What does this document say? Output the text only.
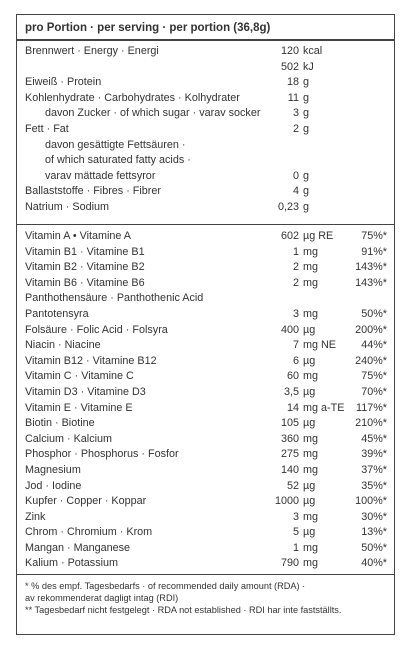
pro Portion · per serving · per portion (36,8g)
Brennwert · Energy · Energi	120 kcal
502 kJ
Eiweiß · Protein	18 g
Kohlenhydrate · Carbohydrates · Kolhydrater	11 g
davon Zucker · of which sugar · varav socker	3 g
Fett · Fat	2 g
davon gesättigte Fettsäuren ·
of which saturated fatty acids ·
varav mättade fettsyror	0 g
Ballaststoffe · Fibres · Fibrer	4 g
Natrium · Sodium	0,23 g
Vitamin A • Vitamine A	602 µg RE	75%*
Vitamin B1 · Vitamine B1	1 mg	91%*
Vitamin B2 · Vitamine B2	2 mg	143%*
Vitamin B6 · Vitamine B6	2 mg	143%*
Panthothensäure · Panthothenic Acid
Pantotensyra	3 mg	50%*
Folsäure · Folic Acid · Folsyra	400 µg	200%*
Niacin · Niacine	7 mg NE	44%*
Vitamin B12 · Vitamine B12	6 µg	240%*
Vitamin C · Vitamine C	60 mg	75%*
Vitamin D3 · Vitamine D3	3,5 µg	70%*
Vitamin E · Vitamine E	14 mg a-TE	117%*
Biotin · Biotine	105 µg	210%*
Calcium · Kalcium	360 mg	45%*
Phosphor · Phosphorus · Fosfor	275 mg	39%*
Magnesium	140 mg	37%*
Jod · Iodine	52 µg	35%*
Kupfer · Copper · Koppar	1000 µg	100%*
Zink	3 mg	30%*
Chrom · Chromium · Krom	5 µg	13%*
Mangan · Manganese	1 mg	50%*
Kalium · Potassium	790 mg	40%*
* % des empf. Tagesbedarfs · of recommended daily amount (RDA) ·
av rekommenderat dagligt intag (RDI)
** Tagesbedarf nicht festgelegt · RDA not established · RDI har inte fastställts.
